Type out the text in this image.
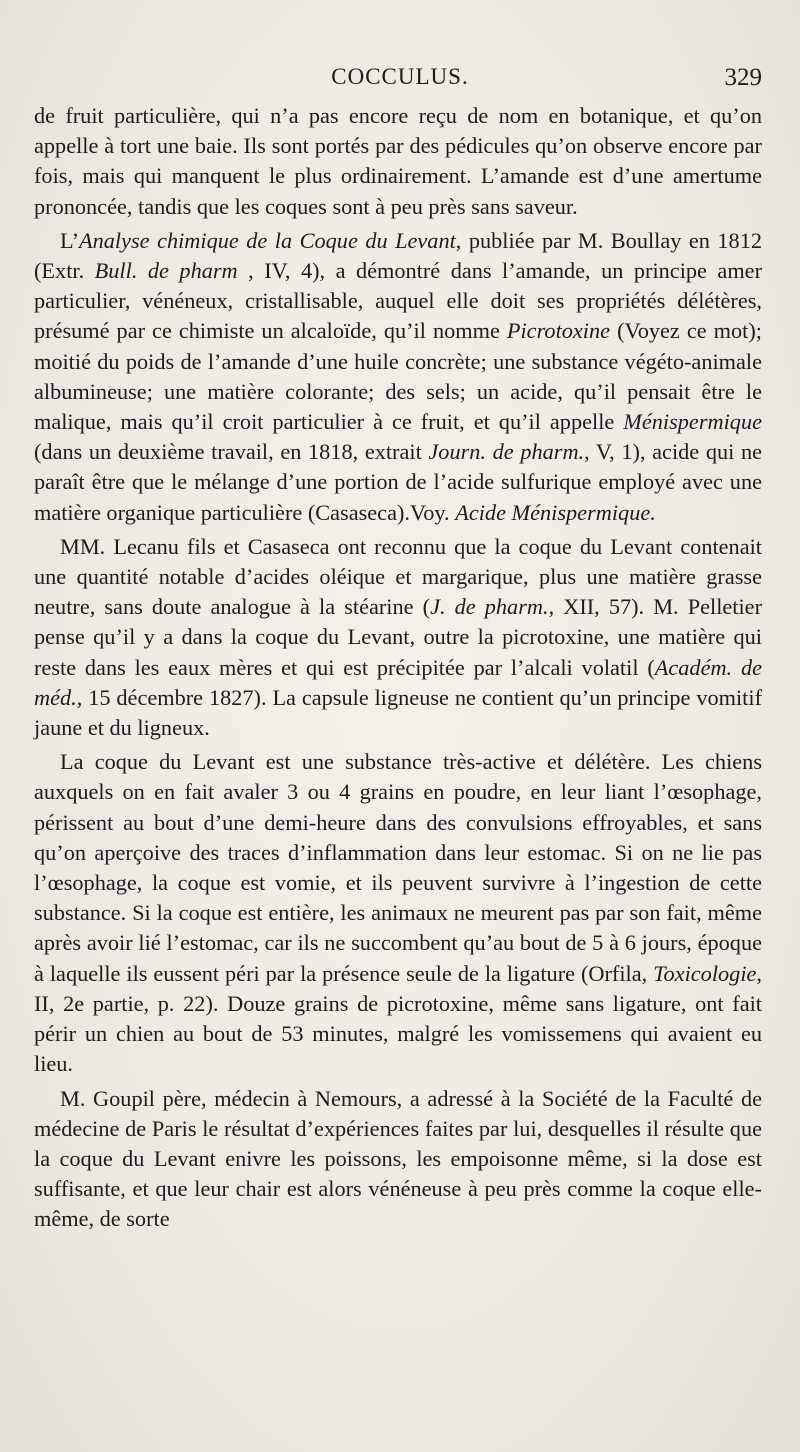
COCCULUS.	329

de fruit particulière, qui n’a pas encore reçu de nom en botanique, et qu’on appelle à tort une baie. Ils sont portés par des pédicules qu’on observe encore par fois, mais qui manquent le plus ordinairement. L’amande est d’une amertume prononcée, tandis que les coques sont à peu près sans saveur.

L’Analyse chimique de la Coque du Levant, publiée par M. Boullay en 1812 (Extr. Bull. de pharm , IV, 4), a démontré dans l’amande, un principe amer particulier, vénéneux, cristallisable, auquel elle doit ses propriétés délétères, présumé par ce chimiste un alcaloïde, qu’il nomme Picrotoxine (Voyez ce mot); moitié du poids de l’amande d’une huile concrète; une substance végéto-animale albumineuse; une matière colorante; des sels; un acide, qu’il pensait être le malique, mais qu’il croit particulier à ce fruit, et qu’il appelle Ménispermique (dans un deuxième travail, en 1818, extrait Journ. de pharm., V, 1), acide qui ne paraît être que le mélange d’une portion de l’acide sulfurique employé avec une matière organique particulière (Casaseca).Voy. Acide Ménispermique.

MM. Lecanu fils et Casaseca ont reconnu que la coque du Levant contenait une quantité notable d’acides oléique et margarique, plus une matière grasse neutre, sans doute analogue à la stéarine (J. de pharm., XII, 57). M. Pelletier pense qu’il y a dans la coque du Levant, outre la picrotoxine, une matière qui reste dans les eaux mères et qui est précipitée par l’alcali volatil (Académ. de méd., 15 décembre 1827). La capsule ligneuse ne contient qu’un principe vomitif jaune et du ligneux.

La coque du Levant est une substance très-active et délétère. Les chiens auxquels on en fait avaler 3 ou 4 grains en poudre, en leur liant l’œsophage, périssent au bout d’une demi-heure dans des convulsions effroyables, et sans qu’on aperçoive des traces d’inflammation dans leur estomac. Si on ne lie pas l’œsophage, la coque est vomie, et ils peuvent survivre à l’ingestion de cette substance. Si la coque est entière, les animaux ne meurent pas par son fait, même après avoir lié l’estomac, car ils ne succombent qu’au bout de 5 à 6 jours, époque à laquelle ils eussent péri par la présence seule de la ligature (Orfila, Toxicologie, II, 2e partie, p. 22). Douze grains de picrotoxine, même sans ligature, ont fait périr un chien au bout de 53 minutes, malgré les vomissemens qui avaient eu lieu.

M. Goupil père, médecin à Nemours, a adressé à la Société de la Faculté de médecine de Paris le résultat d’expériences faites par lui, desquelles il résulte que la coque du Levant enivre les poissons, les empoisonne même, si la dose est suffisante, et que leur chair est alors vénéneuse à peu près comme la coque elle-même, de sorte
